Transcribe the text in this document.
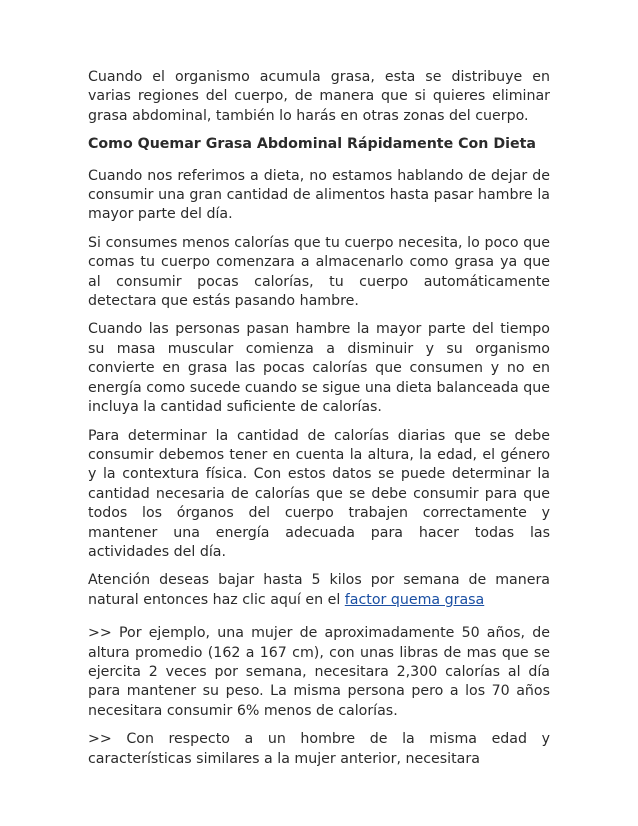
Cuando el organismo acumula grasa, esta se distribuye en varias regiones del cuerpo, de manera que si quieres eliminar grasa abdominal, también lo harás en otras zonas del cuerpo.

Como Quemar Grasa Abdominal Rápidamente Con Dieta

Cuando nos referimos a dieta, no estamos hablando de dejar de consumir una gran cantidad de alimentos hasta pasar hambre la mayor parte del día.

Si consumes menos calorías que tu cuerpo necesita, lo poco que comas tu cuerpo comenzara a almacenarlo como grasa ya que al consumir pocas calorías, tu cuerpo automáticamente detectara que estás pasando hambre.

Cuando las personas pasan hambre la mayor parte del tiempo su masa muscular comienza a disminuir y su organismo convierte en grasa las pocas calorías que consumen y no en energía como sucede cuando se sigue una dieta balanceada que incluya la cantidad suficiente de calorías.

Para determinar la cantidad de calorías diarias que se debe consumir debemos tener en cuenta la altura, la edad, el género y la contextura física. Con estos datos se puede determinar la cantidad necesaria de calorías que se debe consumir para que todos los órganos del cuerpo trabajen correctamente y mantener una energía adecuada para hacer todas las actividades del día.

Atención deseas bajar hasta 5 kilos por semana de manera natural entonces haz clic aquí en el factor quema grasa

>> Por ejemplo, una mujer de aproximadamente 50 años, de altura promedio (162 a 167 cm), con unas libras de mas que se ejercita 2 veces por semana, necesitara 2,300 calorías al día para mantener su peso. La misma persona pero a los 70 años necesitara consumir 6% menos de calorías.

>> Con respecto a un hombre de la misma edad y características similares a la mujer anterior, necesitara
